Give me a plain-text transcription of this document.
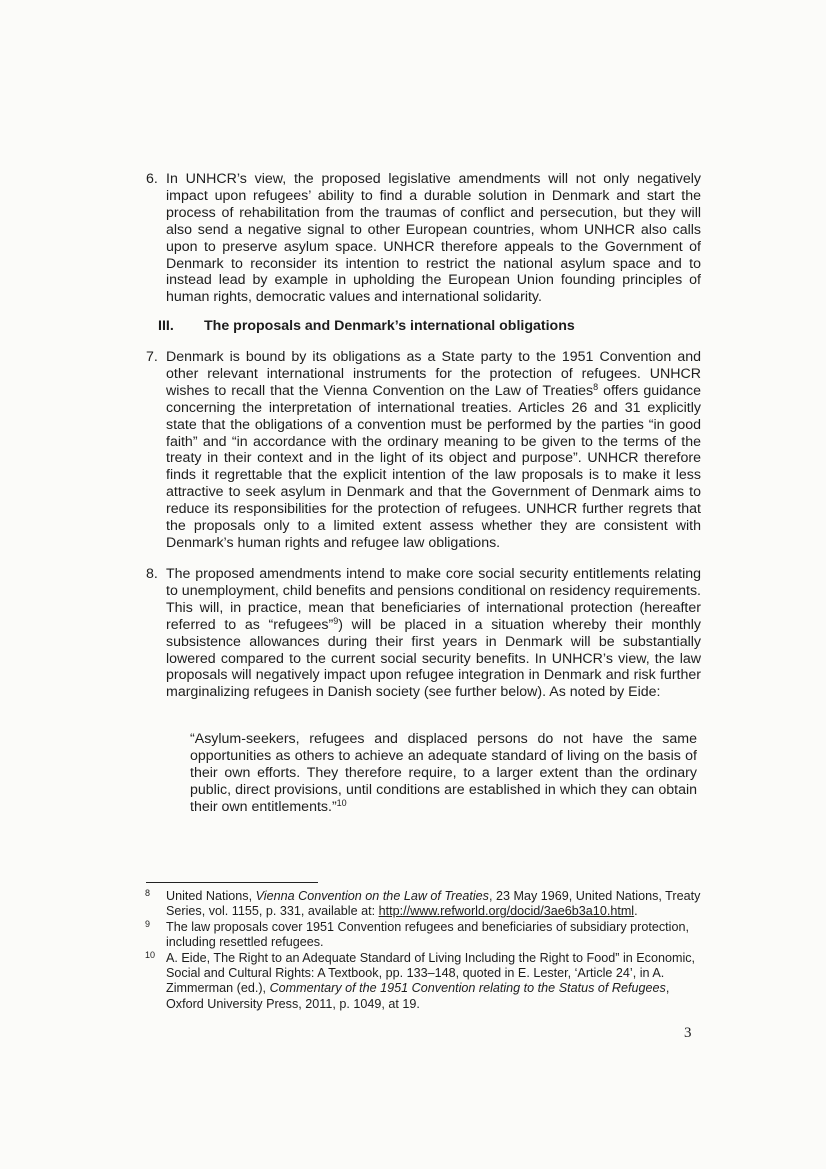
6. In UNHCR’s view, the proposed legislative amendments will not only negatively impact upon refugees’ ability to find a durable solution in Denmark and start the process of rehabilitation from the traumas of conflict and persecution, but they will also send a negative signal to other European countries, whom UNHCR also calls upon to preserve asylum space. UNHCR therefore appeals to the Government of Denmark to reconsider its intention to restrict the national asylum space and to instead lead by example in upholding the European Union founding principles of human rights, democratic values and international solidarity.
III. The proposals and Denmark’s international obligations
7. Denmark is bound by its obligations as a State party to the 1951 Convention and other relevant international instruments for the protection of refugees. UNHCR wishes to recall that the Vienna Convention on the Law of Treaties$^8$ offers guidance concerning the interpretation of international treaties. Articles 26 and 31 explicitly state that the obligations of a convention must be performed by the parties “in good faith” and “in accordance with the ordinary meaning to be given to the terms of the treaty in their context and in the light of its object and purpose”. UNHCR therefore finds it regrettable that the explicit intention of the law proposals is to make it less attractive to seek asylum in Denmark and that the Government of Denmark aims to reduce its responsibilities for the protection of refugees. UNHCR further regrets that the proposals only to a limited extent assess whether they are consistent with Denmark’s human rights and refugee law obligations.
8. The proposed amendments intend to make core social security entitlements relating to unemployment, child benefits and pensions conditional on residency requirements. This will, in practice, mean that beneficiaries of international protection (hereafter referred to as “refugees”$^9$) will be placed in a situation whereby their monthly subsistence allowances during their first years in Denmark will be substantially lowered compared to the current social security benefits. In UNHCR’s view, the law proposals will negatively impact upon refugee integration in Denmark and risk further marginalizing refugees in Danish society (see further below). As noted by Eide:
“Asylum-seekers, refugees and displaced persons do not have the same opportunities as others to achieve an adequate standard of living on the basis of their own efforts. They therefore require, to a larger extent than the ordinary public, direct provisions, until conditions are established in which they can obtain their own entitlements.”$^{10}$
8 United Nations, Vienna Convention on the Law of Treaties, 23 May 1969, United Nations, Treaty Series, vol. 1155, p. 331, available at: http://www.refworld.org/docid/3ae6b3a10.html.
9 The law proposals cover 1951 Convention refugees and beneficiaries of subsidiary protection, including resettled refugees.
10 A. Eide, The Right to an Adequate Standard of Living Including the Right to Food” in Economic, Social and Cultural Rights: A Textbook, pp. 133–148, quoted in E. Lester, ‘Article 24’, in A. Zimmerman (ed.), Commentary of the 1951 Convention relating to the Status of Refugees, Oxford University Press, 2011, p. 1049, at 19.
3
